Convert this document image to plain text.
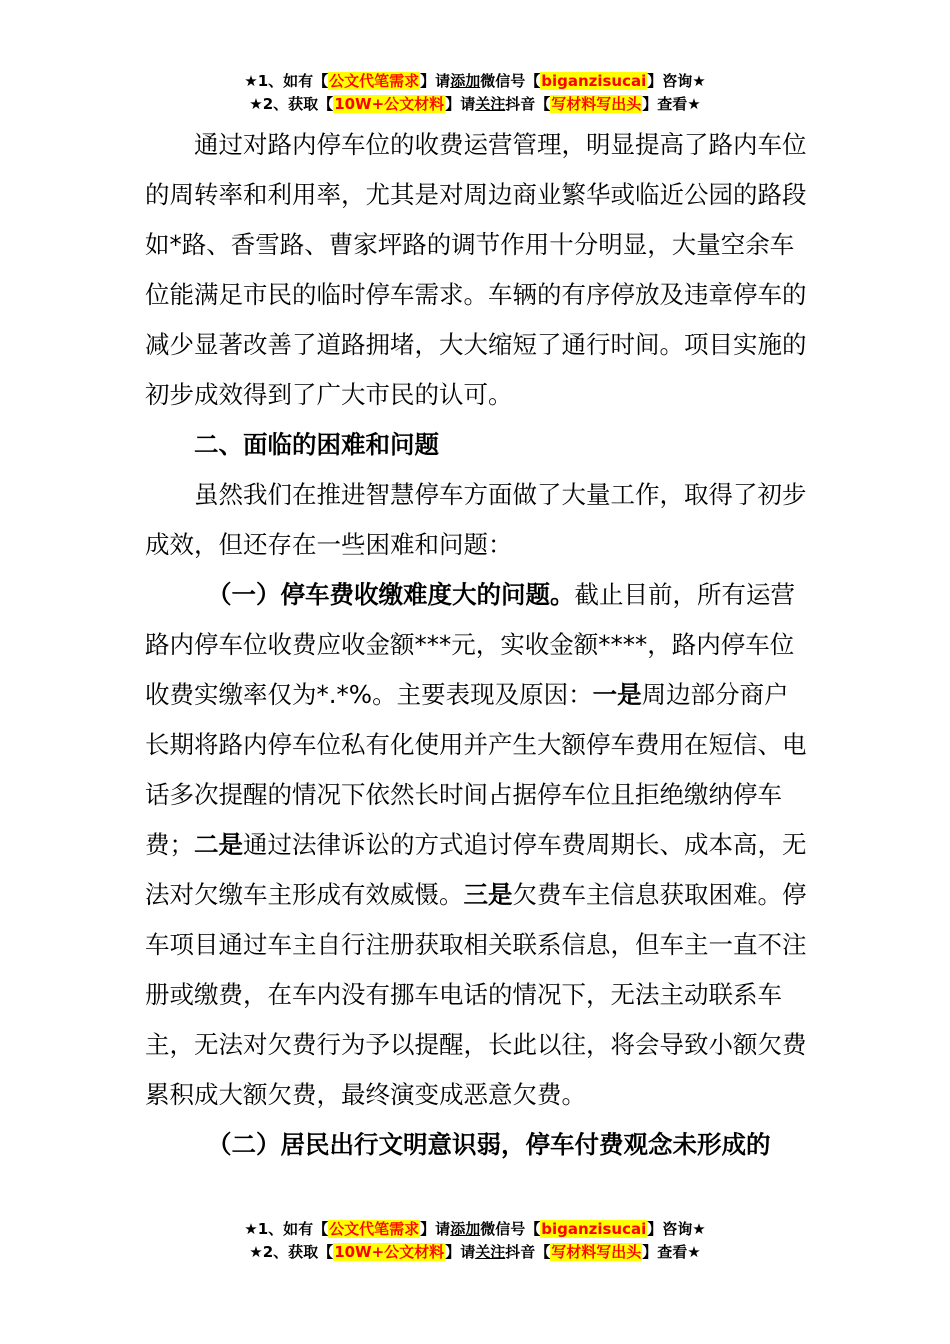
★1、如有【公文代笔需求】请添加微信号【biganzisucai】咨询★
★2、获取【10W+公文材料】请关注抖音【写材料写出头】查看★

通过对路内停车位的收费运营管理，明显提高了路内车位的周转率和利用率，尤其是对周边商业繁华或临近公园的路段如*路、香雪路、曹家坪路的调节作用十分明显，大量空余车位能满足市民的临时停车需求。车辆的有序停放及违章停车的减少显著改善了道路拥堵，大大缩短了通行时间。项目实施的初步成效得到了广大市民的认可。

二、面临的困难和问题

虽然我们在推进智慧停车方面做了大量工作，取得了初步成效，但还存在一些困难和问题：

（一）停车费收缴难度大的问题。截止目前，所有运营路内停车位收费应收金额***元，实收金额****，路内停车位收费实缴率仅为*.*%。主要表现及原因：一是周边部分商户长期将路内停车位私有化使用并产生大额停车费用在短信、电话多次提醒的情况下依然长时间占据停车位且拒绝缴纳停车费；二是通过法律诉讼的方式追讨停车费周期长、成本高，无法对欠缴车主形成有效威慑。三是欠费车主信息获取困难。停车项目通过车主自行注册获取相关联系信息，但车主一直不注册或缴费，在车内没有挪车电话的情况下，无法主动联系车主，无法对欠费行为予以提醒，长此以往，将会导致小额欠费累积成大额欠费，最终演变成恶意欠费。

（二）居民出行文明意识弱，停车付费观念未形成的

★1、如有【公文代笔需求】请添加微信号【biganzisucai】咨询★
★2、获取【10W+公文材料】请关注抖音【写材料写出头】查看★
